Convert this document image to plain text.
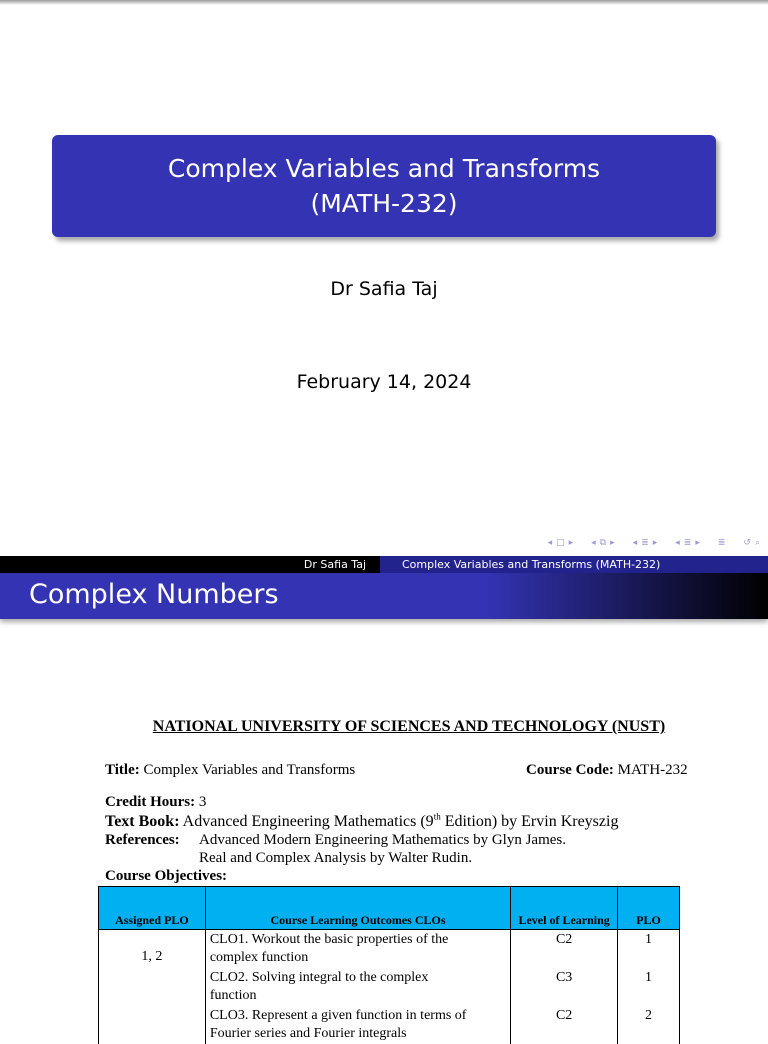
Complex Variables and Transforms
(MATH-232)
Dr Safia Taj
February 14, 2024
◂ □ ▸ ◂ ⧉ ▸ ◂ ≣ ▸ ◂ ≣ ▸ ≣ ↺ ⌕
Dr Safia Taj	Complex Variables and Transforms (MATH-232)
Complex Numbers
NATIONAL UNIVERSITY OF SCIENCES AND TECHNOLOGY (NUST)
Title: Complex Variables and Transforms	Course Code: MATH-232
Credit Hours: 3
Text Book: Advanced Engineering Mathematics (9th Edition) by Ervin Kreyszig
References: Advanced Modern Engineering Mathematics by Glyn James.
Real and Complex Analysis by Walter Rudin.
Course Objectives:
Assigned PLO	Course Learning Outcomes CLOs	Level of Learning	PLO
1, 2	CLO1. Workout the basic properties of the
complex function	C2	1

	CLO2. Solving integral to the complex
function	C3	1

	CLO3. Represent a given function in terms of
Fourier series and Fourier integrals	C2	2
